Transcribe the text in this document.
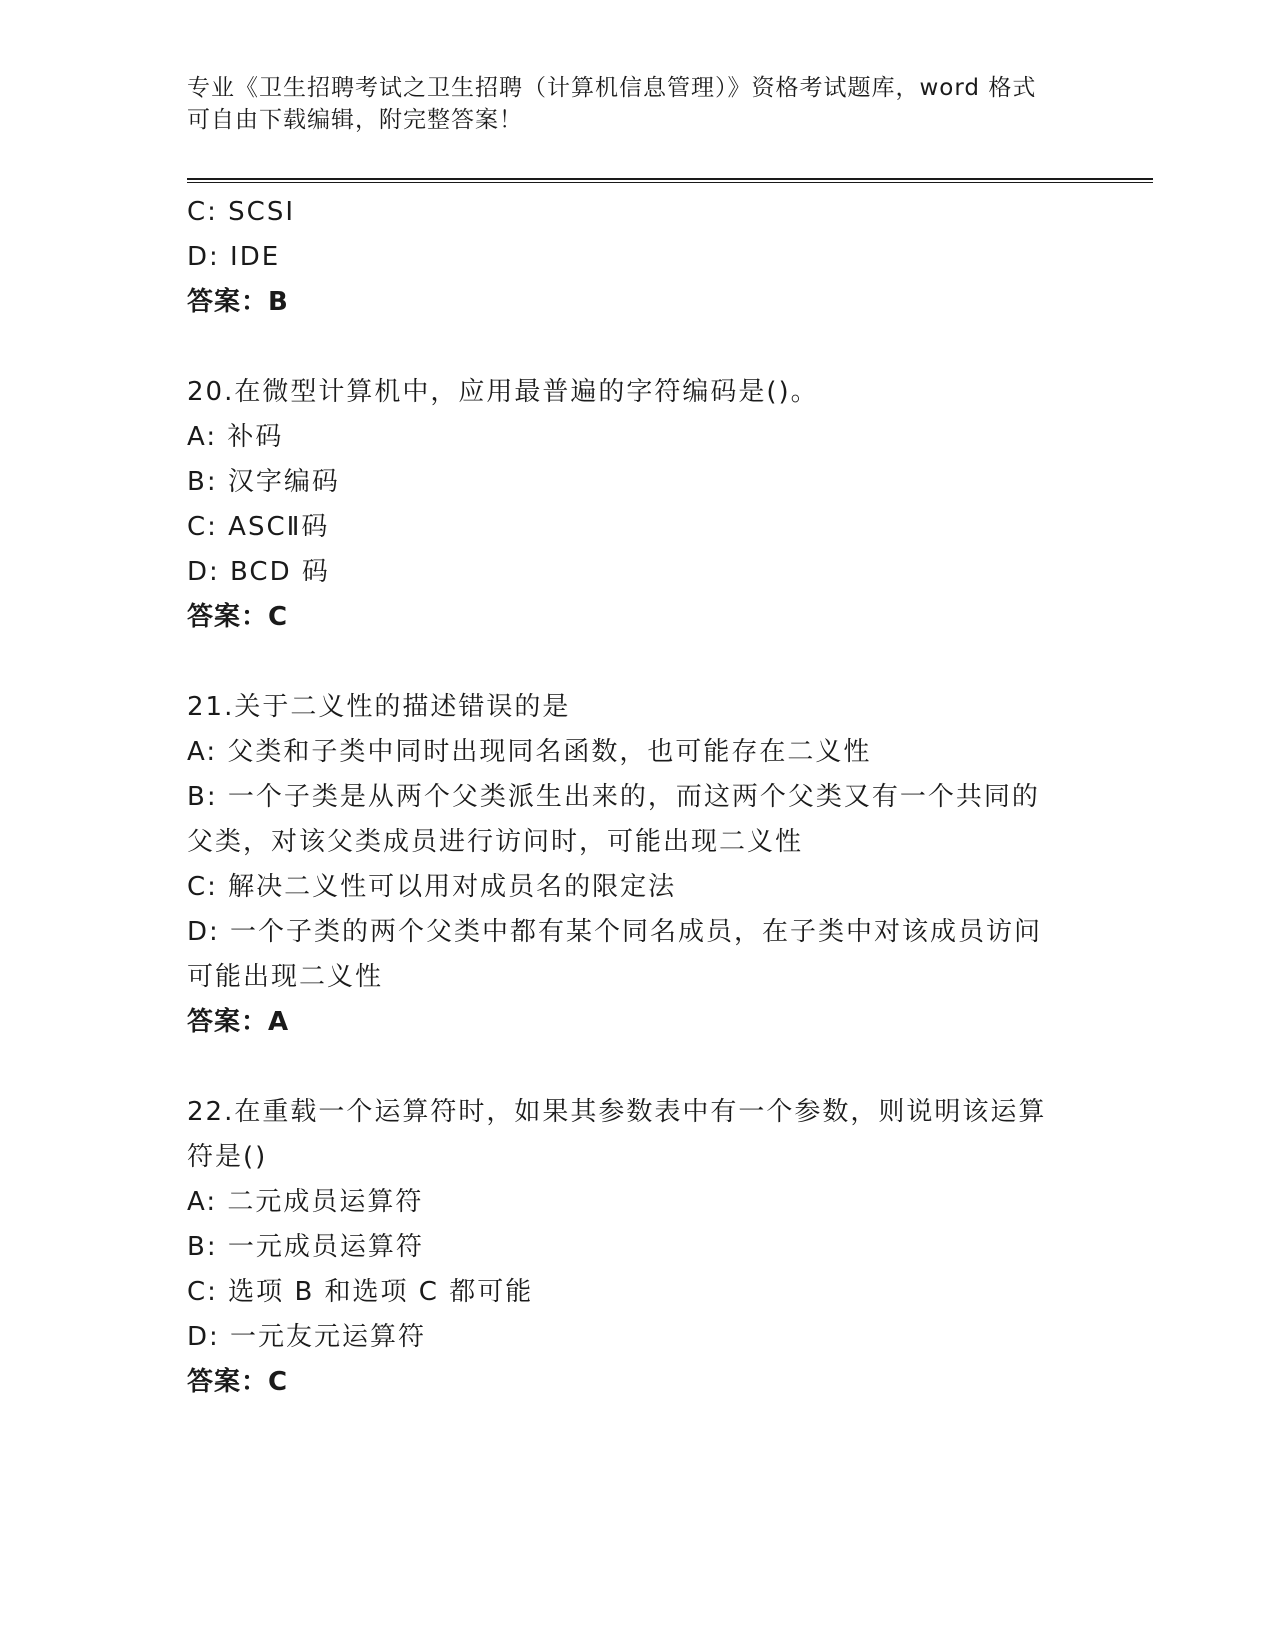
专业《卫生招聘考试之卫生招聘（计算机信息管理）》资格考试题库，word 格式
可自由下载编辑，附完整答案！
C: SCSI
D: IDE
答案：B
20.在微型计算机中，应用最普遍的字符编码是()。
A: 补码
B: 汉字编码
C: ASCⅡ码
D: BCD 码
答案：C
21.关于二义性的描述错误的是
A: 父类和子类中同时出现同名函数，也可能存在二义性
B: 一个子类是从两个父类派生出来的，而这两个父类又有一个共同的
父类，对该父类成员进行访问时，可能出现二义性
C: 解决二义性可以用对成员名的限定法
D: 一个子类的两个父类中都有某个同名成员，在子类中对该成员访问
可能出现二义性
答案：A
22.在重载一个运算符时，如果其参数表中有一个参数，则说明该运算
符是()
A: 二元成员运算符
B: 一元成员运算符
C: 选项 B 和选项 C 都可能
D: 一元友元运算符
答案：C
